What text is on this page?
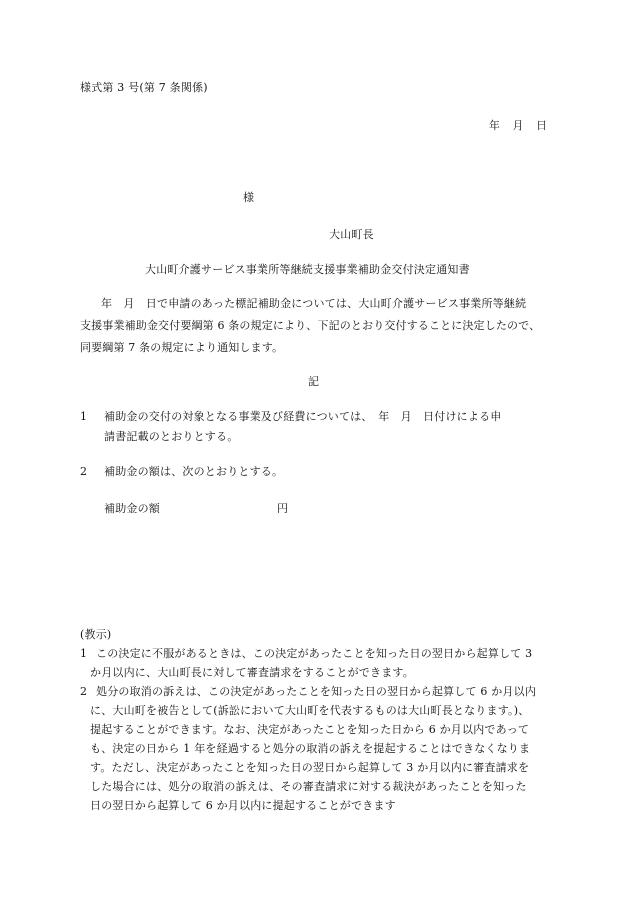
様式第 3 号(第 7 条関係)
年　月　日
様
大山町長
大山町介護サービス事業所等継続支援事業補助金交付決定通知書
年　月　日で申請のあった標記補助金については、大山町介護サービス事業所等継続
支援事業補助金交付要綱第 6 条の規定により、下記のとおり交付することに決定したので、
同要綱第 7 条の規定により通知します。
記
1 補助金の交付の対象となる事業及び経費については、　年　月　日付けによる申
請書記載のとおりとする。
2 補助金の額は、次のとおりとする。
補助金の額	円
(教示)
1 この決定に不服があるときは、この決定があったことを知った日の翌日から起算して 3
か月以内に、大山町長に対して審査請求をすることができます。
2 処分の取消の訴えは、この決定があったことを知った日の翌日から起算して 6 か月以内
に、大山町を被告として(訴訟において大山町を代表するものは大山町長となります。)、
提起することができます。なお、決定があったことを知った日から 6 か月以内であって
も、決定の日から 1 年を経過すると処分の取消の訴えを提起することはできなくなりま
す。ただし、決定があったことを知った日の翌日から起算して 3 か月以内に審査請求を
した場合には、処分の取消の訴えは、その審査請求に対する裁決があったことを知った
日の翌日から起算して 6 か月以内に提起することができます
